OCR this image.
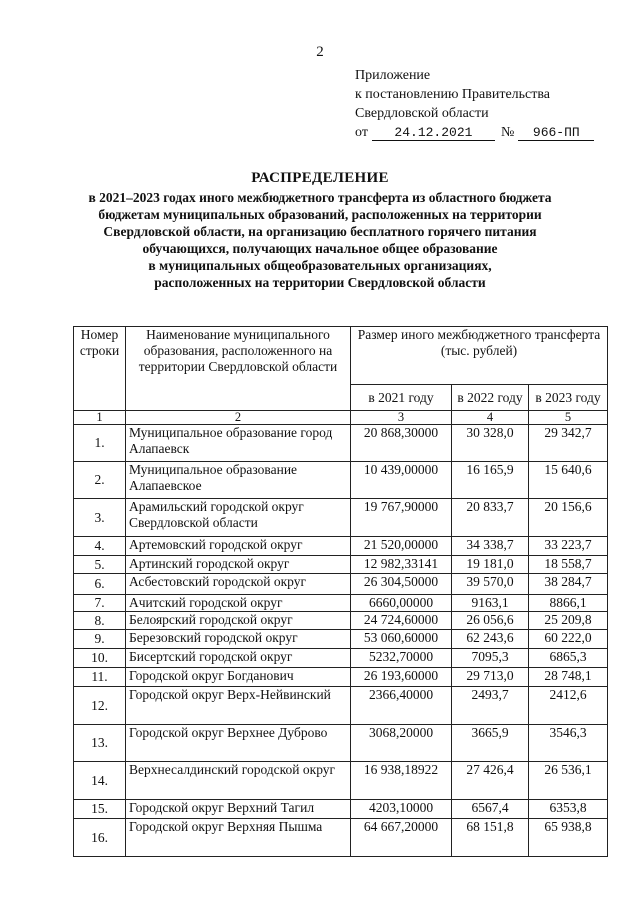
2
Приложение
к постановлению Правительства
Свердловской области
от	24.12.2021	№	966-ПП
РАСПРЕДЕЛЕНИЕ
в 2021–2023 годах иного межбюджетного трансферта из областного бюджета
бюджетам муниципальных образований, расположенных на территории
Свердловской области, на организацию бесплатного горячего питания
обучающихся, получающих начальное общее образование
в муниципальных общеобразовательных организациях,
расположенных на территории Свердловской области
Номер строки	Наименование муниципального образования, расположенного на территории Свердловской области	Размер иного межбюджетного трансферта (тыс. рублей)		
		в 2021 году	в 2022 году	в 2023 году
1	2	3	4	5
1.	Муниципальное образование город Алапаевск	20 868,30000	30 328,0	29 342,7
2.	Муниципальное образование Алапаевское	10 439,00000	16 165,9	15 640,6
3.	Арамильский городской округ Свердловской области	19 767,90000	20 833,7	20 156,6
4.	Артемовский городской округ	21 520,00000	34 338,7	33 223,7
5.	Артинский городской округ	12 982,33141	19 181,0	18 558,7
6.	Асбестовский городской округ	26 304,50000	39 570,0	38 284,7
7.	Ачитский городской округ	6660,00000	9163,1	8866,1
8.	Белоярский городской округ	24 724,60000	26 056,6	25 209,8
9.	Березовский городской округ	53 060,60000	62 243,6	60 222,0
10.	Бисертский городской округ	5232,70000	7095,3	6865,3
11.	Городской округ Богданович	26 193,60000	29 713,0	28 748,1
12.	Городской округ Верх-Нейвинский	2366,40000	2493,7	2412,6
13.	Городской округ Верхнее Дуброво	3068,20000	3665,9	3546,3
14.	Верхнесалдинский городской округ	16 938,18922	27 426,4	26 536,1
15.	Городской округ Верхний Тагил	4203,10000	6567,4	6353,8
16.	Городской округ Верхняя Пышма	64 667,20000	68 151,8	65 938,8
